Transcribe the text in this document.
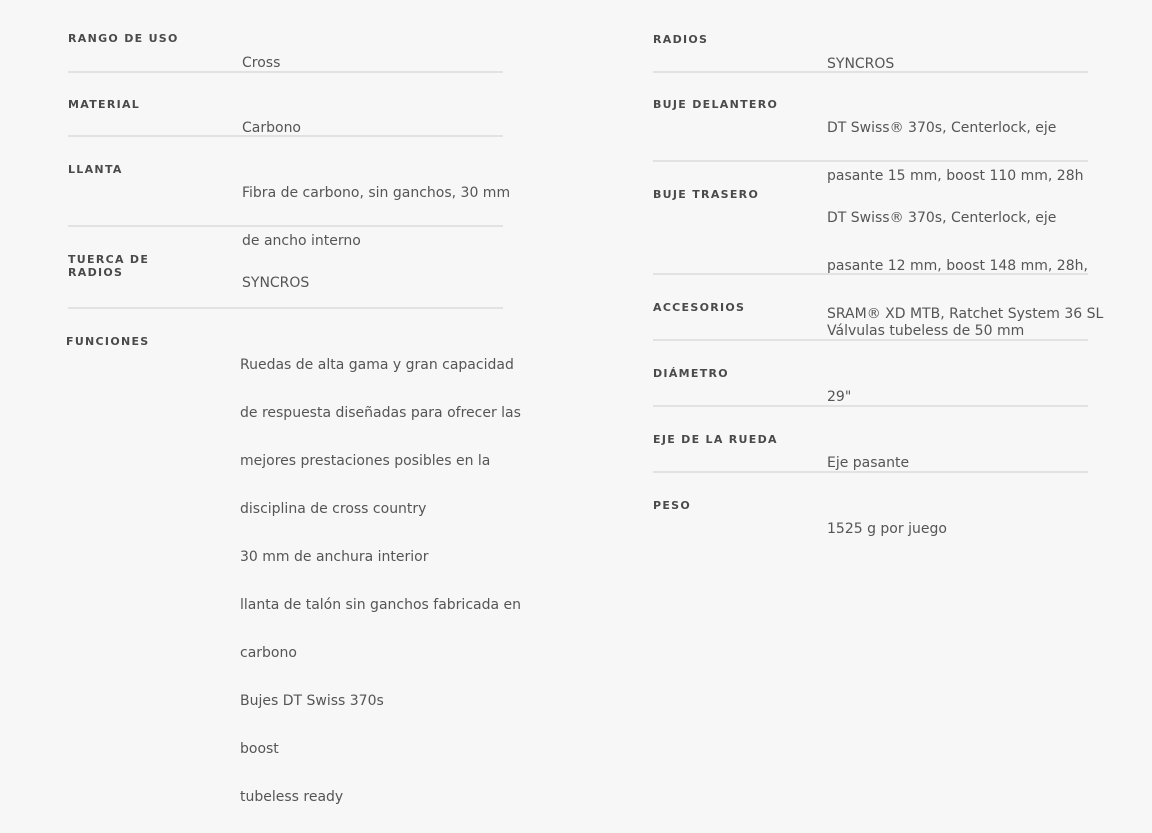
RANGO DE USO

Cross

MATERIAL

Carbono

LLANTA

Fibra de carbono, sin ganchos, 30 mm

de ancho interno

TUERCA DE
RADIOS

SYNCROS

FUNCIONES

Ruedas de alta gama y gran capacidad

de respuesta diseñadas para ofrecer las

mejores prestaciones posibles en la

disciplina de cross country

30 mm de anchura interior

llanta de talón sin ganchos fabricada en

carbono

Bujes DT Swiss 370s

boost

tubeless ready

RADIOS

SYNCROS

BUJE DELANTERO

DT Swiss® 370s, Centerlock, eje

pasante 15 mm, boost 110 mm, 28h

BUJE TRASERO

DT Swiss® 370s, Centerlock, eje

pasante 12 mm, boost 148 mm, 28h,

SRAM® XD MTB, Ratchet System 36 SL

ACCESORIOS

Válvulas tubeless de 50 mm

DIÁMETRO

29"

EJE DE LA RUEDA

Eje pasante

PESO

1525 g por juego
